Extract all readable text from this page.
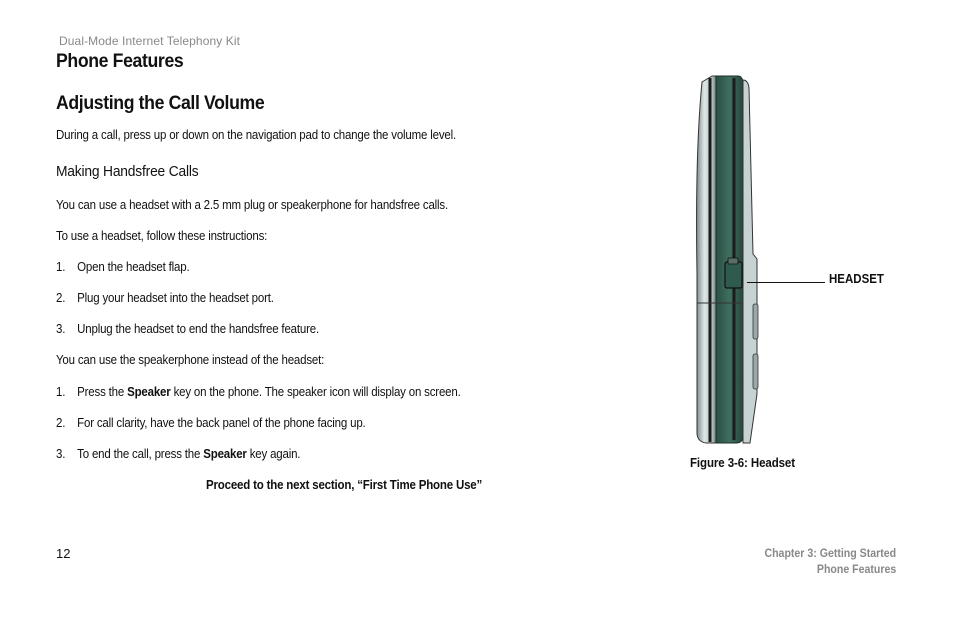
Dual-Mode Internet Telephony Kit
Phone Features
Adjusting the Call Volume
During a call, press up or down on the navigation pad to change the volume level.
Making Handsfree Calls
You can use a headset with a 2.5 mm plug or speakerphone for handsfree calls.
To use a headset, follow these instructions:
1. Open the headset flap.
2. Plug your headset into the headset port.
3. Unplug the headset to end the handsfree feature.
You can use the speakerphone instead of the headset:
1. Press the Speaker key on the phone. The speaker icon will display on screen.
2. For call clarity, have the back panel of the phone facing up.
3. To end the call, press the Speaker key again.
Proceed to the next section, “First Time Phone Use”
HEADSET
Figure 3-6: Headset
12	Chapter 3: Getting Started
Phone Features
